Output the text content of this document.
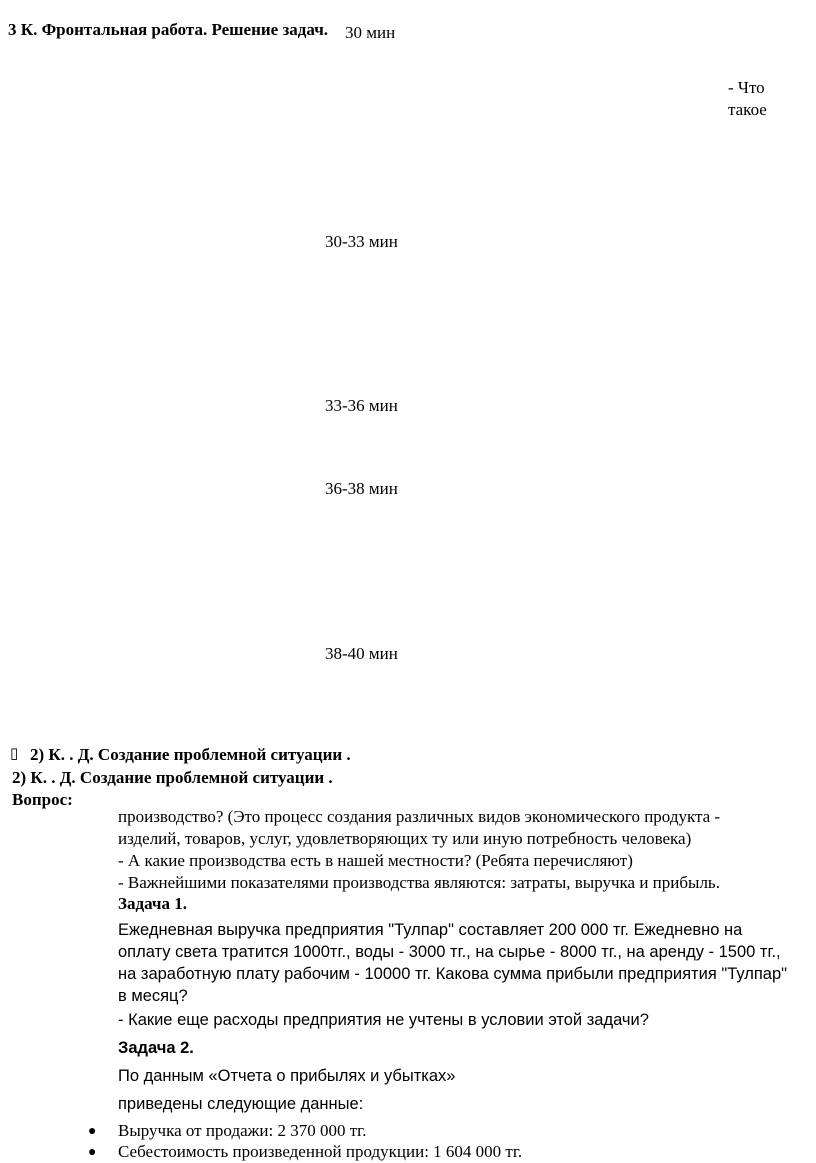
3 К. Фронтальная работа. Решение задач. 30 мин
- Что
такое
30-33 мин
33-36 мин
36-38 мин
38-40 мин
▯ 2) К. . Д. Создание проблемной ситуации .
2) К. . Д. Создание проблемной ситуации .
Вопрос:
производство? (Это процесс создания различных видов экономического продукта -
изделий, товаров, услуг, удовлетворяющих ту или иную потребность человека)
- А какие производства есть в нашей местности? (Ребята перечисляют)
- Важнейшими показателями производства являются: затраты, выручка и прибыль.
Задача 1.
Ежедневная выручка предприятия "Тулпар" составляет 200 000 тг. Ежедневно на оплату света тратится 1000тг., воды - 3000 тг., на сырье - 8000 тг., на аренду - 1500 тг., на заработную плату рабочим - 10000 тг. Какова сумма прибыли предприятия "Тулпар" в месяц?
- Какие еще расходы предприятия не учтены в условии этой задачи?
Задача 2.
По данным «Отчета о прибылях и убытках»
приведены следующие данные:
● Выручка от продажи: 2 370 000 тг.
● Себестоимость произведенной продукции: 1 604 000 тг.
